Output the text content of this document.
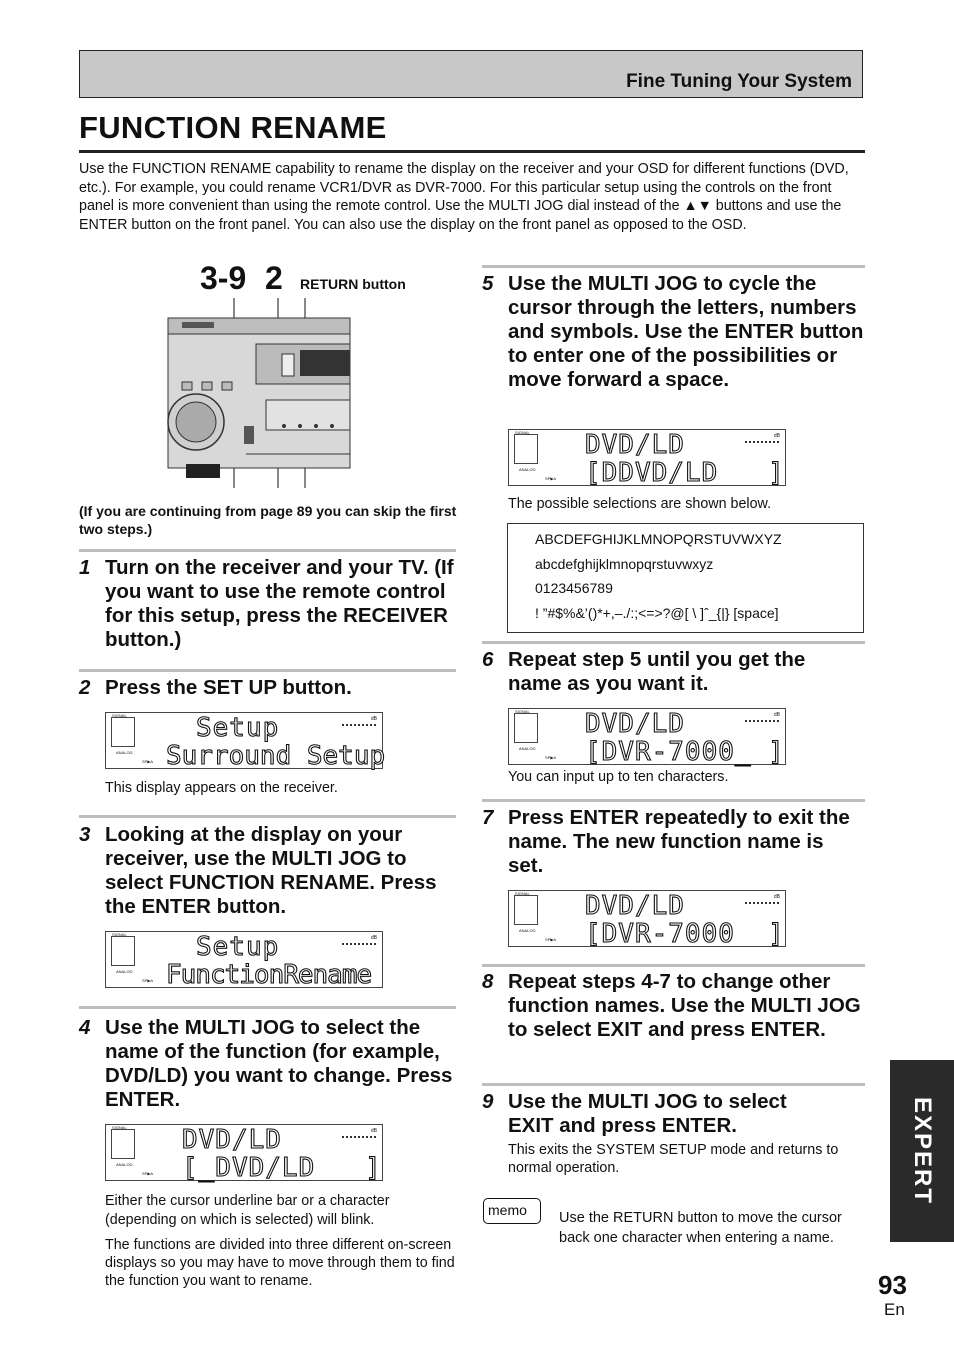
Fine Tuning Your System
FUNCTION RENAME
Use the FUNCTION RENAME capability to rename the display on the receiver and your OSD for different functions (DVD, etc.). For example, you could rename VCR1/DVR as DVR-7000. For this particular setup using the controls on the front panel is more convenient than using the remote control. Use the MULTI JOG dial instead of the ▲▼ buttons and use the ENTER button on the front panel. You can also use the display on the front panel as opposed to the OSD.
3-9 2 RETURN button
(If you are continuing from page 89 you can skip the first two steps.)
1 Turn on the receiver and your TV. (If you want to use the remote control for this setup, press the RECEIVER button.)
2 Press the SET UP button.
SIGNAL
ANALOG
SP▶A
dB
Setup
Surround Setup
This display appears on the receiver.
3 Looking at the display on your receiver, use the MULTI JOG to select FUNCTION RENAME. Press the ENTER button.
SIGNAL
ANALOG
SP▶A
dB
Setup
FunctionRename
4 Use the MULTI JOG to select the name of the function (for example, DVD/LD) you want to change. Press ENTER.
SIGNAL
ANALOG
SP▶A
dB
DVD/LD
[_DVD/LD   ]
Either the cursor underline bar or a character (depending on which is selected) will blink.
The functions are divided into three different on-screen displays so you may have to move through them to find the function you want to rename.
5 Use the MULTI JOG to cycle the cursor through the letters, numbers and symbols. Use the ENTER button to enter one of the possibilities or move forward a space.
SIGNAL
ANALOG
SP▶A
dB
DVD/LD
[DDVD/LD   ]
The possible selections are shown below.
ABCDEFGHIJKLMNOPQRSTUVWXYZ
abcdefghijklmnopqrstuvwxyz
0123456789
! ”#$%&’()*+,–./:;<=>?@[ \ ]ˆ_{|} [space]
6 Repeat step 5 until you get the name as you want it.
SIGNAL
ANALOG
SP▶A
dB
DVD/LD
[DVR-7000_ ]
You can input up to ten characters.
7 Press ENTER repeatedly to exit the name. The new function name is set.
SIGNAL
ANALOG
SP▶A
dB
DVD/LD
[DVR-7000  ]
8 Repeat steps 4-7 to change other function names. Use the MULTI JOG to select EXIT and press ENTER.
9 Use the MULTI JOG to select EXIT and press ENTER.
This exits the SYSTEM SETUP mode and returns to normal operation.
memo Use the RETURN button to move the cursor back one character when entering a name.
EXPERT
93
En
